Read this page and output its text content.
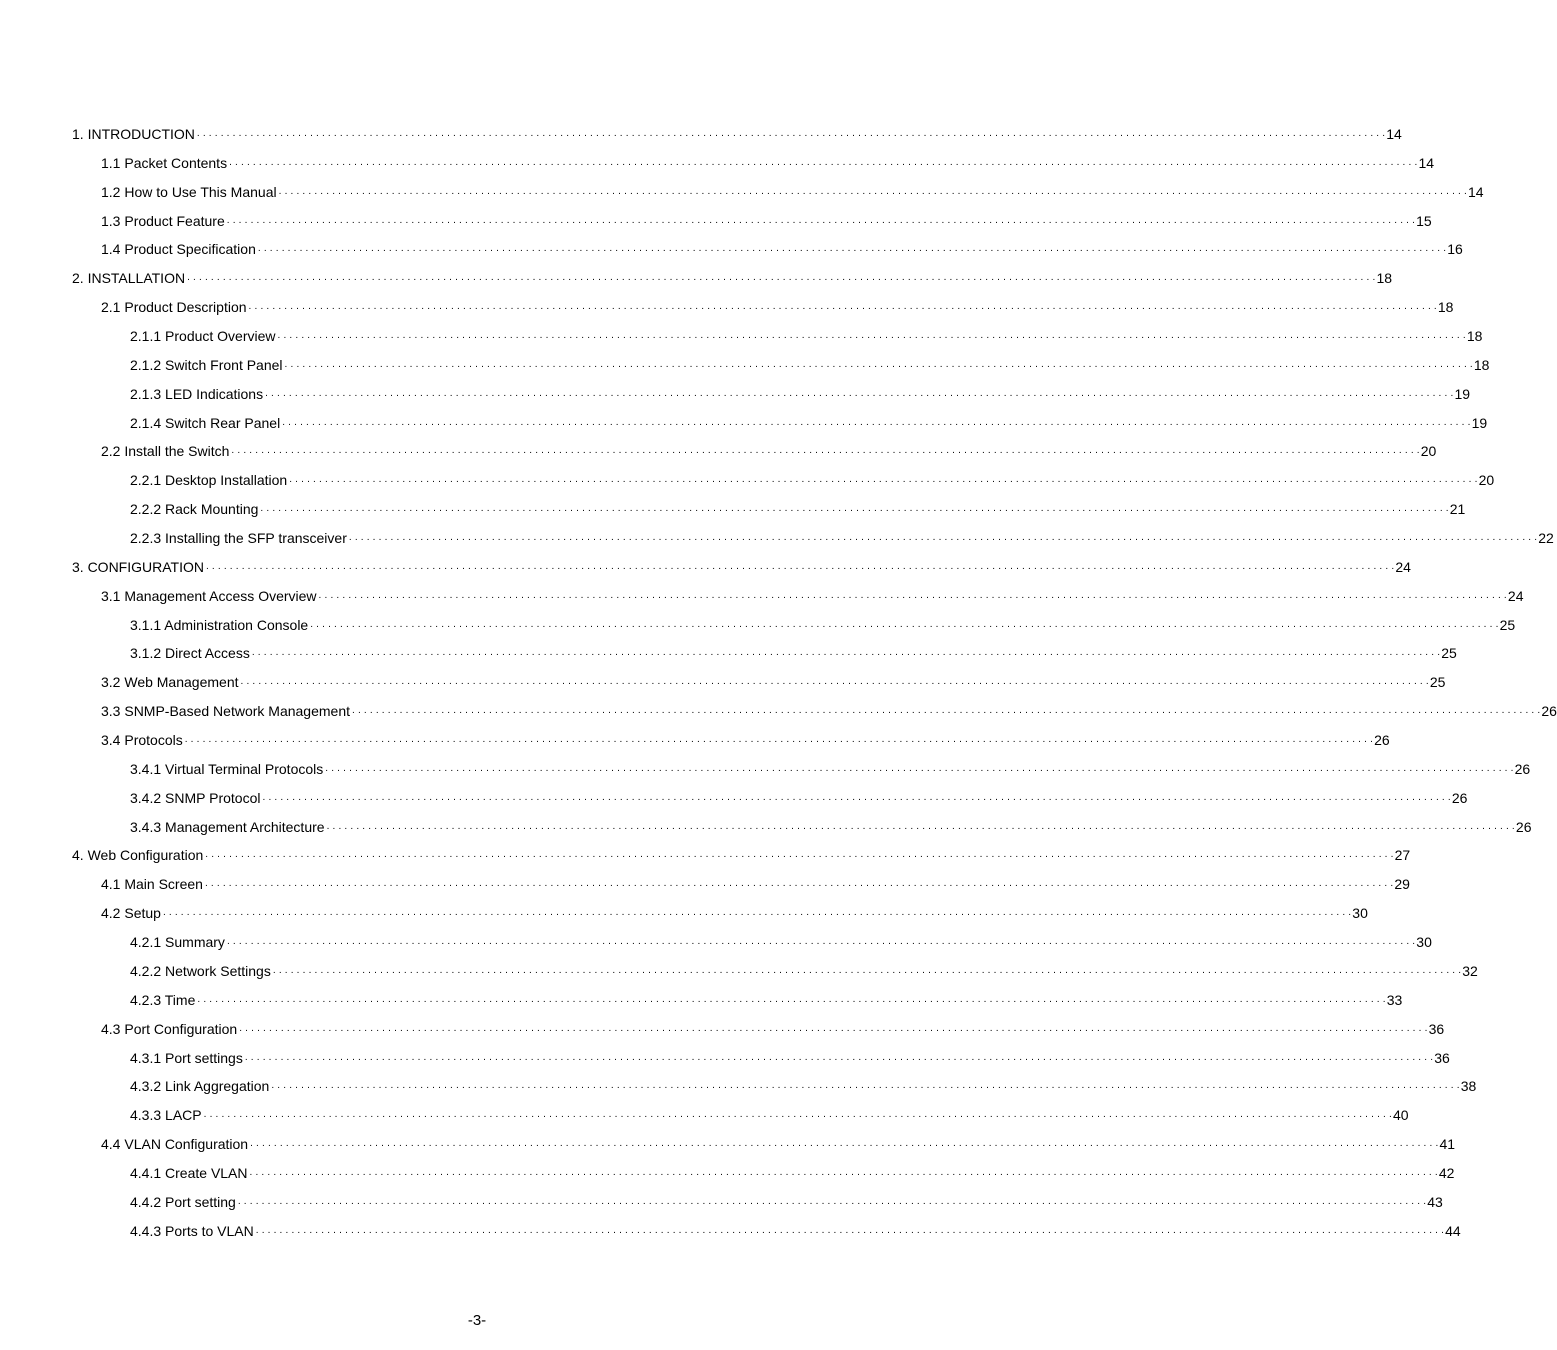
1. INTRODUCTION . . . . . . . . . . . . . . . . . . . . . . . . . . . . . . . . . . . . . . . . . . . . . . . . . . . . . . . . . . . . . . . . . . . . . . . . . . . . . . . . . . . . . . . . . . . . . . . . . . . . . . . . . . . . . . . . . . . . . . . . . . . . . . . . . . . . . . . . . . . . . . . . . . . . . . . . . . . . . . . . . . . . . . . . . . . . . . . . . . . . . . . . . . . . . . . . . . . . . . . . 14
1.1 Packet Contents . . . . . . . . . . . . . . . . . . . . . . . . . . . . . . . . . . . . . . . . . . . . . . . . . . . . . . . . . . . . . . . . . . . . . . . . . . . . . . . . . . . . . . . . . . . . . . . . . . . . . . . . . . . . . . . . . . . . . . . . . . . . . . . . . . . . . . . . . . . . . . . . . . . . . . . . . . . . . . . . . . . . . . . . . . . . . . . . . . . . . . . . . . . . . . . . . . . . . . . . 14
1.2 How to Use This Manual . . . . . . . . . . . . . . . . . . . . . . . . . . . . . . . . . . . . . . . . . . . . . . . . . . . . . . . . . . . . . . . . . . . . . . . . . . . . . . . . . . . . . . . . . . . . . . . . . . . . . . . . . . . . . . . . . . . . . . . . . . . . . . . . . . . . . . . . . . . . . . . . . . . . . . . . . . . . . . . . . . . . . . . . . . . . . . . . . . . . . . . . . . . . . . . . . . . . . . . . 14
1.3 Product Feature . . . . . . . . . . . . . . . . . . . . . . . . . . . . . . . . . . . . . . . . . . . . . . . . . . . . . . . . . . . . . . . . . . . . . . . . . . . . . . . . . . . . . . . . . . . . . . . . . . . . . . . . . . . . . . . . . . . . . . . . . . . . . . . . . . . . . . . . . . . . . . . . . . . . . . . . . . . . . . . . . . . . . . . . . . . . . . . . . . . . . . . . . . . . . . . . . . . . . . . . 15
1.4 Product Specification . . . . . . . . . . . . . . . . . . . . . . . . . . . . . . . . . . . . . . . . . . . . . . . . . . . . . . . . . . . . . . . . . . . . . . . . . . . . . . . . . . . . . . . . . . . . . . . . . . . . . . . . . . . . . . . . . . . . . . . . . . . . . . . . . . . . . . . . . . . . . . . . . . . . . . . . . . . . . . . . . . . . . . . . . . . . . . . . . . . . . . . . . . . . . . . . . . . . . . . . 16
2. INSTALLATION . . . . . . . . . . . . . . . . . . . . . . . . . . . . . . . . . . . . . . . . . . . . . . . . . . . . . . . . . . . . . . . . . . . . . . . . . . . . . . . . . . . . . . . . . . . . . . . . . . . . . . . . . . . . . . . . . . . . . . . . . . . . . . . . . . . . . . . . . . . . . . . . . . . . . . . . . . . . . . . . . . . . . . . . . . . . . . . . . . . . . . . . . . . . . . . . . . . . . . . . 18
2.1 Product Description . . . . . . . . . . . . . . . . . . . . . . . . . . . . . . . . . . . . . . . . . . . . . . . . . . . . . . . . . . . . . . . . . . . . . . . . . . . . . . . . . . . . . . . . . . . . . . . . . . . . . . . . . . . . . . . . . . . . . . . . . . . . . . . . . . . . . . . . . . . . . . . . . . . . . . . . . . . . . . . . . . . . . . . . . . . . . . . . . . . . . . . . . . . . . . . . . . . . . . . . 18
2.1.1 Product Overview . . . . . . . . . . . . . . . . . . . . . . . . . . . . . . . . . . . . . . . . . . . . . . . . . . . . . . . . . . . . . . . . . . . . . . . . . . . . . . . . . . . . . . . . . . . . . . . . . . . . . . . . . . . . . . . . . . . . . . . . . . . . . . . . . . . . . . . . . . . . . . . . . . . . . . . . . . . . . . . . . . . . . . . . . . . . . . . . . . . . . . . . . . . . . . . . . . . . . . . . 18
2.1.2 Switch Front Panel . . . . . . . . . . . . . . . . . . . . . . . . . . . . . . . . . . . . . . . . . . . . . . . . . . . . . . . . . . . . . . . . . . . . . . . . . . . . . . . . . . . . . . . . . . . . . . . . . . . . . . . . . . . . . . . . . . . . . . . . . . . . . . . . . . . . . . . . . . . . . . . . . . . . . . . . . . . . . . . . . . . . . . . . . . . . . . . . . . . . . . . . . . . . . . . . . . . . . . . . 18
2.1.3 LED Indications . . . . . . . . . . . . . . . . . . . . . . . . . . . . . . . . . . . . . . . . . . . . . . . . . . . . . . . . . . . . . . . . . . . . . . . . . . . . . . . . . . . . . . . . . . . . . . . . . . . . . . . . . . . . . . . . . . . . . . . . . . . . . . . . . . . . . . . . . . . . . . . . . . . . . . . . . . . . . . . . . . . . . . . . . . . . . . . . . . . . . . . . . . . . . . . . . . . . . . . . 19
2.1.4 Switch Rear Panel . . . . . . . . . . . . . . . . . . . . . . . . . . . . . . . . . . . . . . . . . . . . . . . . . . . . . . . . . . . . . . . . . . . . . . . . . . . . . . . . . . . . . . . . . . . . . . . . . . . . . . . . . . . . . . . . . . . . . . . . . . . . . . . . . . . . . . . . . . . . . . . . . . . . . . . . . . . . . . . . . . . . . . . . . . . . . . . . . . . . . . . . . . . . . . . . . . . . . . . . 19
2.2 Install the Switch . . . . . . . . . . . . . . . . . . . . . . . . . . . . . . . . . . . . . . . . . . . . . . . . . . . . . . . . . . . . . . . . . . . . . . . . . . . . . . . . . . . . . . . . . . . . . . . . . . . . . . . . . . . . . . . . . . . . . . . . . . . . . . . . . . . . . . . . . . . . . . . . . . . . . . . . . . . . . . . . . . . . . . . . . . . . . . . . . . . . . . . . . . . . . . . . . . . . . . . . 20
2.2.1 Desktop Installation . . . . . . . . . . . . . . . . . . . . . . . . . . . . . . . . . . . . . . . . . . . . . . . . . . . . . . . . . . . . . . . . . . . . . . . . . . . . . . . . . . . . . . . . . . . . . . . . . . . . . . . . . . . . . . . . . . . . . . . . . . . . . . . . . . . . . . . . . . . . . . . . . . . . . . . . . . . . . . . . . . . . . . . . . . . . . . . . . . . . . . . . . . . . . . . . . . . . . . . . 20
2.2.2 Rack Mounting . . . . . . . . . . . . . . . . . . . . . . . . . . . . . . . . . . . . . . . . . . . . . . . . . . . . . . . . . . . . . . . . . . . . . . . . . . . . . . . . . . . . . . . . . . . . . . . . . . . . . . . . . . . . . . . . . . . . . . . . . . . . . . . . . . . . . . . . . . . . . . . . . . . . . . . . . . . . . . . . . . . . . . . . . . . . . . . . . . . . . . . . . . . . . . . . . . . . . . . . 21
2.2.3 Installing the SFP transceiver . . . . . . . . . . . . . . . . . . . . . . . . . . . . . . . . . . . . . . . . . . . . . . . . . . . . . . . . . . . . . . . . . . . . . . . . . . . . . . . . . . . . . . . . . . . . . . . . . . . . . . . . . . . . . . . . . . . . . . . . . . . . . . . . . . . . . . . . . . . . . . . . . . . . . . . . . . . . . . . . . . . . . . . . . . . . . . . . . . . . . . . . . . . . . . . . . . . . . . . . 22
3. CONFIGURATION . . . . . . . . . . . . . . . . . . . . . . . . . . . . . . . . . . . . . . . . . . . . . . . . . . . . . . . . . . . . . . . . . . . . . . . . . . . . . . . . . . . . . . . . . . . . . . . . . . . . . . . . . . . . . . . . . . . . . . . . . . . . . . . . . . . . . . . . . . . . . . . . . . . . . . . . . . . . . . . . . . . . . . . . . . . . . . . . . . . . . . . . . . . . . . . . . . . . . . . . 24
3.1 Management Access Overview . . . . . . . . . . . . . . . . . . . . . . . . . . . . . . . . . . . . . . . . . . . . . . . . . . . . . . . . . . . . . . . . . . . . . . . . . . . . . . . . . . . . . . . . . . . . . . . . . . . . . . . . . . . . . . . . . . . . . . . . . . . . . . . . . . . . . . . . . . . . . . . . . . . . . . . . . . . . . . . . . . . . . . . . . . . . . . . . . . . . . . . . . . . . . . . . . . . . . . . . 24
3.1.1 Administration Console . . . . . . . . . . . . . . . . . . . . . . . . . . . . . . . . . . . . . . . . . . . . . . . . . . . . . . . . . . . . . . . . . . . . . . . . . . . . . . . . . . . . . . . . . . . . . . . . . . . . . . . . . . . . . . . . . . . . . . . . . . . . . . . . . . . . . . . . . . . . . . . . . . . . . . . . . . . . . . . . . . . . . . . . . . . . . . . . . . . . . . . . . . . . . . . . . . . . . . . . 25
3.1.2 Direct Access . . . . . . . . . . . . . . . . . . . . . . . . . . . . . . . . . . . . . . . . . . . . . . . . . . . . . . . . . . . . . . . . . . . . . . . . . . . . . . . . . . . . . . . . . . . . . . . . . . . . . . . . . . . . . . . . . . . . . . . . . . . . . . . . . . . . . . . . . . . . . . . . . . . . . . . . . . . . . . . . . . . . . . . . . . . . . . . . . . . . . . . . . . . . . . . . . . . . . . . . 25
3.2 Web Management . . . . . . . . . . . . . . . . . . . . . . . . . . . . . . . . . . . . . . . . . . . . . . . . . . . . . . . . . . . . . . . . . . . . . . . . . . . . . . . . . . . . . . . . . . . . . . . . . . . . . . . . . . . . . . . . . . . . . . . . . . . . . . . . . . . . . . . . . . . . . . . . . . . . . . . . . . . . . . . . . . . . . . . . . . . . . . . . . . . . . . . . . . . . . . . . . . . . . . . . 25
3.3 SNMP-Based Network Management . . . . . . . . . . . . . . . . . . . . . . . . . . . . . . . . . . . . . . . . . . . . . . . . . . . . . . . . . . . . . . . . . . . . . . . . . . . . . . . . . . . . . . . . . . . . . . . . . . . . . . . . . . . . . . . . . . . . . . . . . . . . . . . . . . . . . . . . . . . . . . . . . . . . . . . . . . . . . . . . . . . . . . . . . . . . . . . . . . . . . . . . . . . . . . . . . . . . . . . . 26
3.4 Protocols . . . . . . . . . . . . . . . . . . . . . . . . . . . . . . . . . . . . . . . . . . . . . . . . . . . . . . . . . . . . . . . . . . . . . . . . . . . . . . . . . . . . . . . . . . . . . . . . . . . . . . . . . . . . . . . . . . . . . . . . . . . . . . . . . . . . . . . . . . . . . . . . . . . . . . . . . . . . . . . . . . . . . . . . . . . . . . . . . . . . . . . . . . . . . . . . . . . . . . . . 26
3.4.1 Virtual Terminal Protocols . . . . . . . . . . . . . . . . . . . . . . . . . . . . . . . . . . . . . . . . . . . . . . . . . . . . . . . . . . . . . . . . . . . . . . . . . . . . . . . . . . . . . . . . . . . . . . . . . . . . . . . . . . . . . . . . . . . . . . . . . . . . . . . . . . . . . . . . . . . . . . . . . . . . . . . . . . . . . . . . . . . . . . . . . . . . . . . . . . . . . . . . . . . . . . . . . . . . . . . . 26
3.4.2 SNMP Protocol . . . . . . . . . . . . . . . . . . . . . . . . . . . . . . . . . . . . . . . . . . . . . . . . . . . . . . . . . . . . . . . . . . . . . . . . . . . . . . . . . . . . . . . . . . . . . . . . . . . . . . . . . . . . . . . . . . . . . . . . . . . . . . . . . . . . . . . . . . . . . . . . . . . . . . . . . . . . . . . . . . . . . . . . . . . . . . . . . . . . . . . . . . . . . . . . . . . . . . . . 26
3.4.3 Management Architecture . . . . . . . . . . . . . . . . . . . . . . . . . . . . . . . . . . . . . . . . . . . . . . . . . . . . . . . . . . . . . . . . . . . . . . . . . . . . . . . . . . . . . . . . . . . . . . . . . . . . . . . . . . . . . . . . . . . . . . . . . . . . . . . . . . . . . . . . . . . . . . . . . . . . . . . . . . . . . . . . . . . . . . . . . . . . . . . . . . . . . . . . . . . . . . . . . . . . . . . . 26
4. Web Configuration . . . . . . . . . . . . . . . . . . . . . . . . . . . . . . . . . . . . . . . . . . . . . . . . . . . . . . . . . . . . . . . . . . . . . . . . . . . . . . . . . . . . . . . . . . . . . . . . . . . . . . . . . . . . . . . . . . . . . . . . . . . . . . . . . . . . . . . . . . . . . . . . . . . . . . . . . . . . . . . . . . . . . . . . . . . . . . . . . . . . . . . . . . . . . . . . . . . . . . . . 27
4.1 Main Screen . . . . . . . . . . . . . . . . . . . . . . . . . . . . . . . . . . . . . . . . . . . . . . . . . . . . . . . . . . . . . . . . . . . . . . . . . . . . . . . . . . . . . . . . . . . . . . . . . . . . . . . . . . . . . . . . . . . . . . . . . . . . . . . . . . . . . . . . . . . . . . . . . . . . . . . . . . . . . . . . . . . . . . . . . . . . . . . . . . . . . . . . . . . . . . . . . . . . . . . . 29
4.2 Setup . . . . . . . . . . . . . . . . . . . . . . . . . . . . . . . . . . . . . . . . . . . . . . . . . . . . . . . . . . . . . . . . . . . . . . . . . . . . . . . . . . . . . . . . . . . . . . . . . . . . . . . . . . . . . . . . . . . . . . . . . . . . . . . . . . . . . . . . . . . . . . . . . . . . . . . . . . . . . . . . . . . . . . . . . . . . . . . . . . . . . . . . . . . . . . . . . . . . . . . . 30
4.2.1 Summary . . . . . . . . . . . . . . . . . . . . . . . . . . . . . . . . . . . . . . . . . . . . . . . . . . . . . . . . . . . . . . . . . . . . . . . . . . . . . . . . . . . . . . . . . . . . . . . . . . . . . . . . . . . . . . . . . . . . . . . . . . . . . . . . . . . . . . . . . . . . . . . . . . . . . . . . . . . . . . . . . . . . . . . . . . . . . . . . . . . . . . . . . . . . . . . . . . . . . . . . 30
4.2.2 Network Settings . . . . . . . . . . . . . . . . . . . . . . . . . . . . . . . . . . . . . . . . . . . . . . . . . . . . . . . . . . . . . . . . . . . . . . . . . . . . . . . . . . . . . . . . . . . . . . . . . . . . . . . . . . . . . . . . . . . . . . . . . . . . . . . . . . . . . . . . . . . . . . . . . . . . . . . . . . . . . . . . . . . . . . . . . . . . . . . . . . . . . . . . . . . . . . . . . . . . . . . . 32
4.2.3 Time . . . . . . . . . . . . . . . . . . . . . . . . . . . . . . . . . . . . . . . . . . . . . . . . . . . . . . . . . . . . . . . . . . . . . . . . . . . . . . . . . . . . . . . . . . . . . . . . . . . . . . . . . . . . . . . . . . . . . . . . . . . . . . . . . . . . . . . . . . . . . . . . . . . . . . . . . . . . . . . . . . . . . . . . . . . . . . . . . . . . . . . . . . . . . . . . . . . . . . . . 33
4.3 Port Configuration . . . . . . . . . . . . . . . . . . . . . . . . . . . . . . . . . . . . . . . . . . . . . . . . . . . . . . . . . . . . . . . . . . . . . . . . . . . . . . . . . . . . . . . . . . . . . . . . . . . . . . . . . . . . . . . . . . . . . . . . . . . . . . . . . . . . . . . . . . . . . . . . . . . . . . . . . . . . . . . . . . . . . . . . . . . . . . . . . . . . . . . . . . . . . . . . . . . . . . . . 36
4.3.1 Port settings . . . . . . . . . . . . . . . . . . . . . . . . . . . . . . . . . . . . . . . . . . . . . . . . . . . . . . . . . . . . . . . . . . . . . . . . . . . . . . . . . . . . . . . . . . . . . . . . . . . . . . . . . . . . . . . . . . . . . . . . . . . . . . . . . . . . . . . . . . . . . . . . . . . . . . . . . . . . . . . . . . . . . . . . . . . . . . . . . . . . . . . . . . . . . . . . . . . . . . . . 36
4.3.2 Link Aggregation . . . . . . . . . . . . . . . . . . . . . . . . . . . . . . . . . . . . . . . . . . . . . . . . . . . . . . . . . . . . . . . . . . . . . . . . . . . . . . . . . . . . . . . . . . . . . . . . . . . . . . . . . . . . . . . . . . . . . . . . . . . . . . . . . . . . . . . . . . . . . . . . . . . . . . . . . . . . . . . . . . . . . . . . . . . . . . . . . . . . . . . . . . . . . . . . . . . . . . . . 38
4.3.3 LACP . . . . . . . . . . . . . . . . . . . . . . . . . . . . . . . . . . . . . . . . . . . . . . . . . . . . . . . . . . . . . . . . . . . . . . . . . . . . . . . . . . . . . . . . . . . . . . . . . . . . . . . . . . . . . . . . . . . . . . . . . . . . . . . . . . . . . . . . . . . . . . . . . . . . . . . . . . . . . . . . . . . . . . . . . . . . . . . . . . . . . . . . . . . . . . . . . . . . . . . . 40
4.4 VLAN Configuration . . . . . . . . . . . . . . . . . . . . . . . . . . . . . . . . . . . . . . . . . . . . . . . . . . . . . . . . . . . . . . . . . . . . . . . . . . . . . . . . . . . . . . . . . . . . . . . . . . . . . . . . . . . . . . . . . . . . . . . . . . . . . . . . . . . . . . . . . . . . . . . . . . . . . . . . . . . . . . . . . . . . . . . . . . . . . . . . . . . . . . . . . . . . . . . . . . . . . . . . 41
4.4.1 Create VLAN . . . . . . . . . . . . . . . . . . . . . . . . . . . . . . . . . . . . . . . . . . . . . . . . . . . . . . . . . . . . . . . . . . . . . . . . . . . . . . . . . . . . . . . . . . . . . . . . . . . . . . . . . . . . . . . . . . . . . . . . . . . . . . . . . . . . . . . . . . . . . . . . . . . . . . . . . . . . . . . . . . . . . . . . . . . . . . . . . . . . . . . . . . . . . . . . . . . . . . . . 42
4.4.2 Port setting . . . . . . . . . . . . . . . . . . . . . . . . . . . . . . . . . . . . . . . . . . . . . . . . . . . . . . . . . . . . . . . . . . . . . . . . . . . . . . . . . . . . . . . . . . . . . . . . . . . . . . . . . . . . . . . . . . . . . . . . . . . . . . . . . . . . . . . . . . . . . . . . . . . . . . . . . . . . . . . . . . . . . . . . . . . . . . . . . . . . . . . . . . . . . . . . . . . . . . . . 43
4.4.3 Ports to VLAN . . . . . . . . . . . . . . . . . . . . . . . . . . . . . . . . . . . . . . . . . . . . . . . . . . . . . . . . . . . . . . . . . . . . . . . . . . . . . . . . . . . . . . . . . . . . . . . . . . . . . . . . . . . . . . . . . . . . . . . . . . . . . . . . . . . . . . . . . . . . . . . . . . . . . . . . . . . . . . . . . . . . . . . . . . . . . . . . . . . . . . . . . . . . . . . . . . . . . . . . 44
-3-
